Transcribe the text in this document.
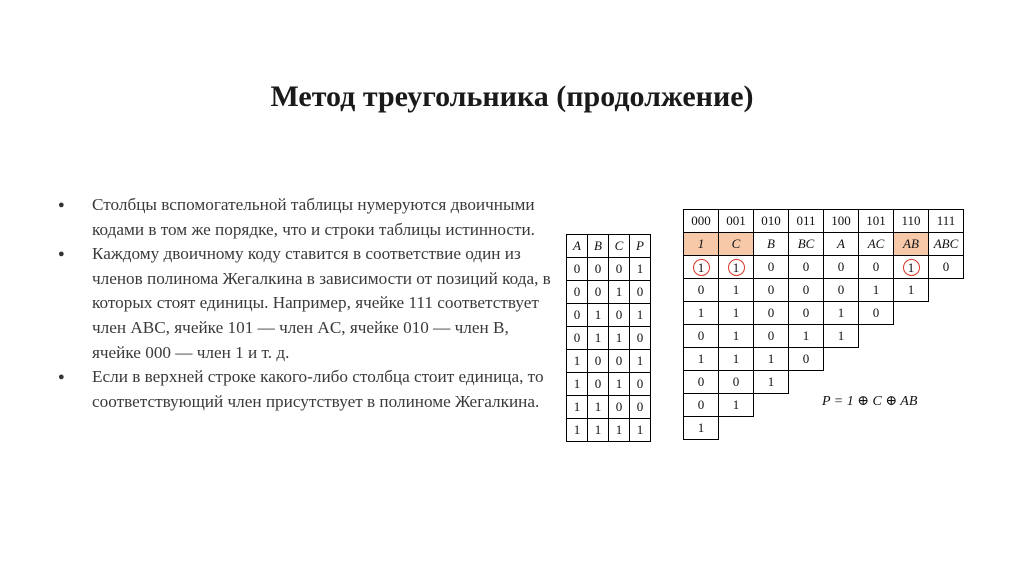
Метод треугольника (продолжение)
● Столбцы вспомогательной таблицы нумеруются двоичными кодами в том же порядке, что и строки таблицы истинности.
● Каждому двоичному коду ставится в соответствие один из членов полинома Жегалкина в зависимости от позиций кода, в которых стоят единицы. Например, ячейке 111 соответствует член ABC, ячейке 101 — член AC, ячейке 010 — член B, ячейке 000 — член 1 и т. д.
● Если в верхней строке какого-либо столбца стоит единица, то соответствующий член присутствует в полиноме Жегалкина.
A	B	C	P
0	0	0	1
0	0	1	0
0	1	0	1
0	1	1	0
1	0	0	1
1	0	1	0
1	1	0	0
1	1	1	1
000	001	010	011	100	101	110	111
1	C	B	BC	A	AC	AB	ABC
1	1	0	0	0	0	1	0
0	1	0	0	0	1	1	
1	1	0	0	1	0		
0	1	0	1	1			
1	1	1	0				
0	0	1					
0	1						
1							
P = 1 ⊕ C ⊕ AB
